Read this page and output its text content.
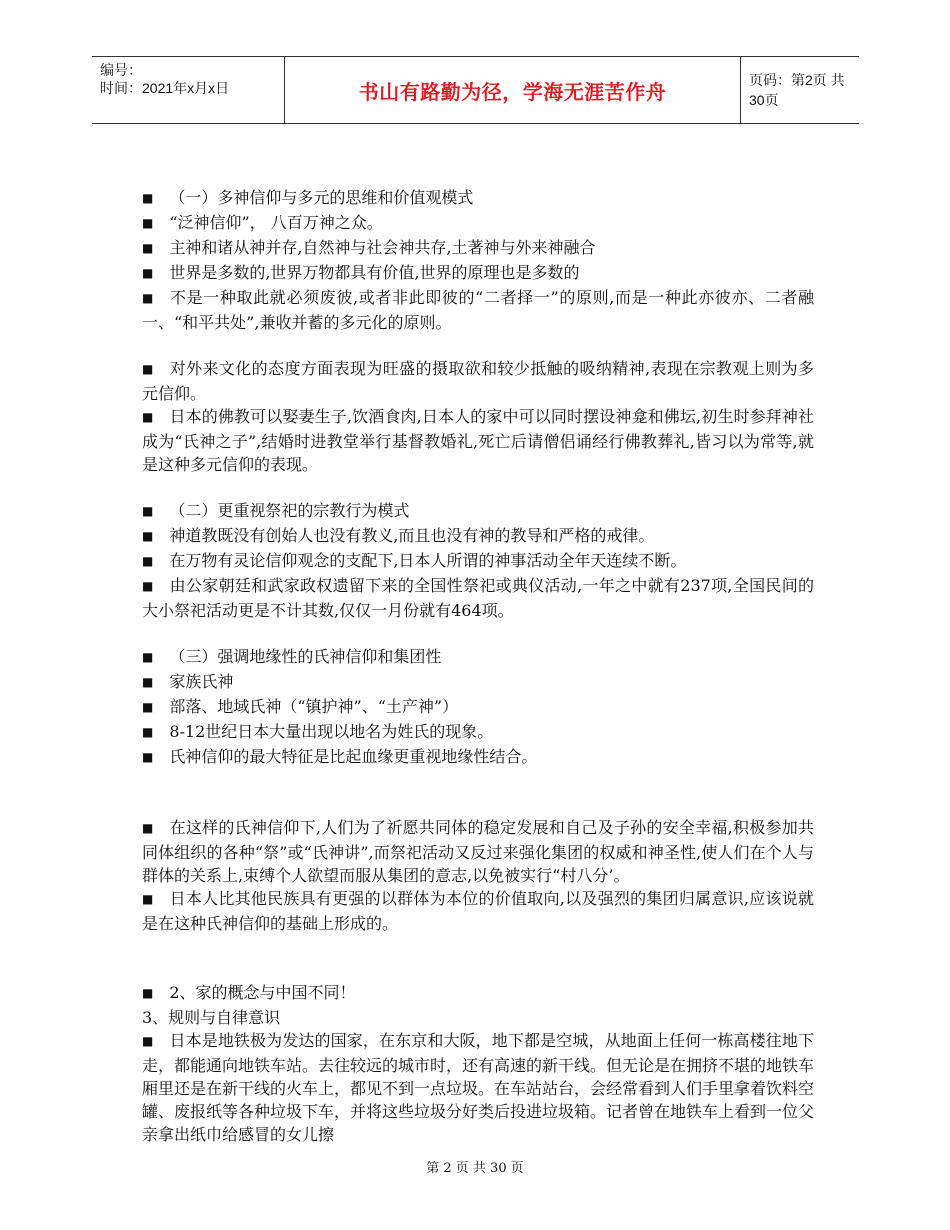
编号：
时间：2021年x月x日	书山有路勤为径，学海无涯苦作舟	页码：第2页 共30页

■ （一）多神信仰与多元的思维和价值观模式

■ “泛神信仰”， 八百万神之众。

■ 主神和诸从神并存,自然神与社会神共存,土著神与外来神融合

■ 世界是多数的,世界万物都具有价值,世界的原理也是多数的

■ 不是一种取此就必须废彼,或者非此即彼的“二者择一”的原则,而是一种此亦彼亦、二者融一、“和平共处”,兼收并蓄的多元化的原则。

■ 对外来文化的态度方面表现为旺盛的摄取欲和较少抵触的吸纳精神,表现在宗教观上则为多元信仰。

■ 日本的佛教可以娶妻生子,饮酒食肉,日本人的家中可以同时摆设神龛和佛坛,初生时参拜神社成为“氏神之子”,结婚时进教堂举行基督教婚礼,死亡后请僧侣诵经行佛教葬礼,皆习以为常等,就是这种多元信仰的表现。

■ （二）更重视祭祀的宗教行为模式

■ 神道教既没有创始人也没有教义,而且也没有神的教导和严格的戒律。

■ 在万物有灵论信仰观念的支配下,日本人所谓的神事活动全年天连续不断。

■ 由公家朝廷和武家政权遗留下来的全国性祭祀或典仪活动,一年之中就有237项,全国民间的大小祭祀活动更是不计其数,仅仅一月份就有464项。

■ （三）强调地缘性的氏神信仰和集团性

■ 家族氏神

■ 部落、地域氏神（“镇护神”、“土产神”）

■ 8-12世纪日本大量出现以地名为姓氏的现象。

■ 氏神信仰的最大特征是比起血缘更重视地缘性结合。

■ 在这样的氏神信仰下,人们为了祈愿共同体的稳定发展和自己及子孙的安全幸福,积极参加共同体组织的各种“祭”或“氏神讲”,而祭祀活动又反过来强化集团的权威和神圣性,使人们在个人与群体的关系上,束缚个人欲望而服从集团的意志,以免被实行“村八分’。

■ 日本人比其他民族具有更强的以群体为本位的价值取向,以及强烈的集团归属意识,应该说就是在这种氏神信仰的基础上形成的。

■ 2、家的概念与中国不同！

3、规则与自律意识

■ 日本是地铁极为发达的国家，在东京和大阪，地下都是空城，从地面上任何一栋高楼往地下走，都能通向地铁车站。去往较远的城市时，还有高速的新干线。但无论是在拥挤不堪的地铁车厢里还是在新干线的火车上，都见不到一点垃圾。在车站站台，会经常看到人们手里拿着饮料空罐、废报纸等各种垃圾下车，并将这些垃圾分好类后投进垃圾箱。记者曾在地铁车上看到一位父亲拿出纸巾给感冒的女儿擦

第 2 页 共 30 页
